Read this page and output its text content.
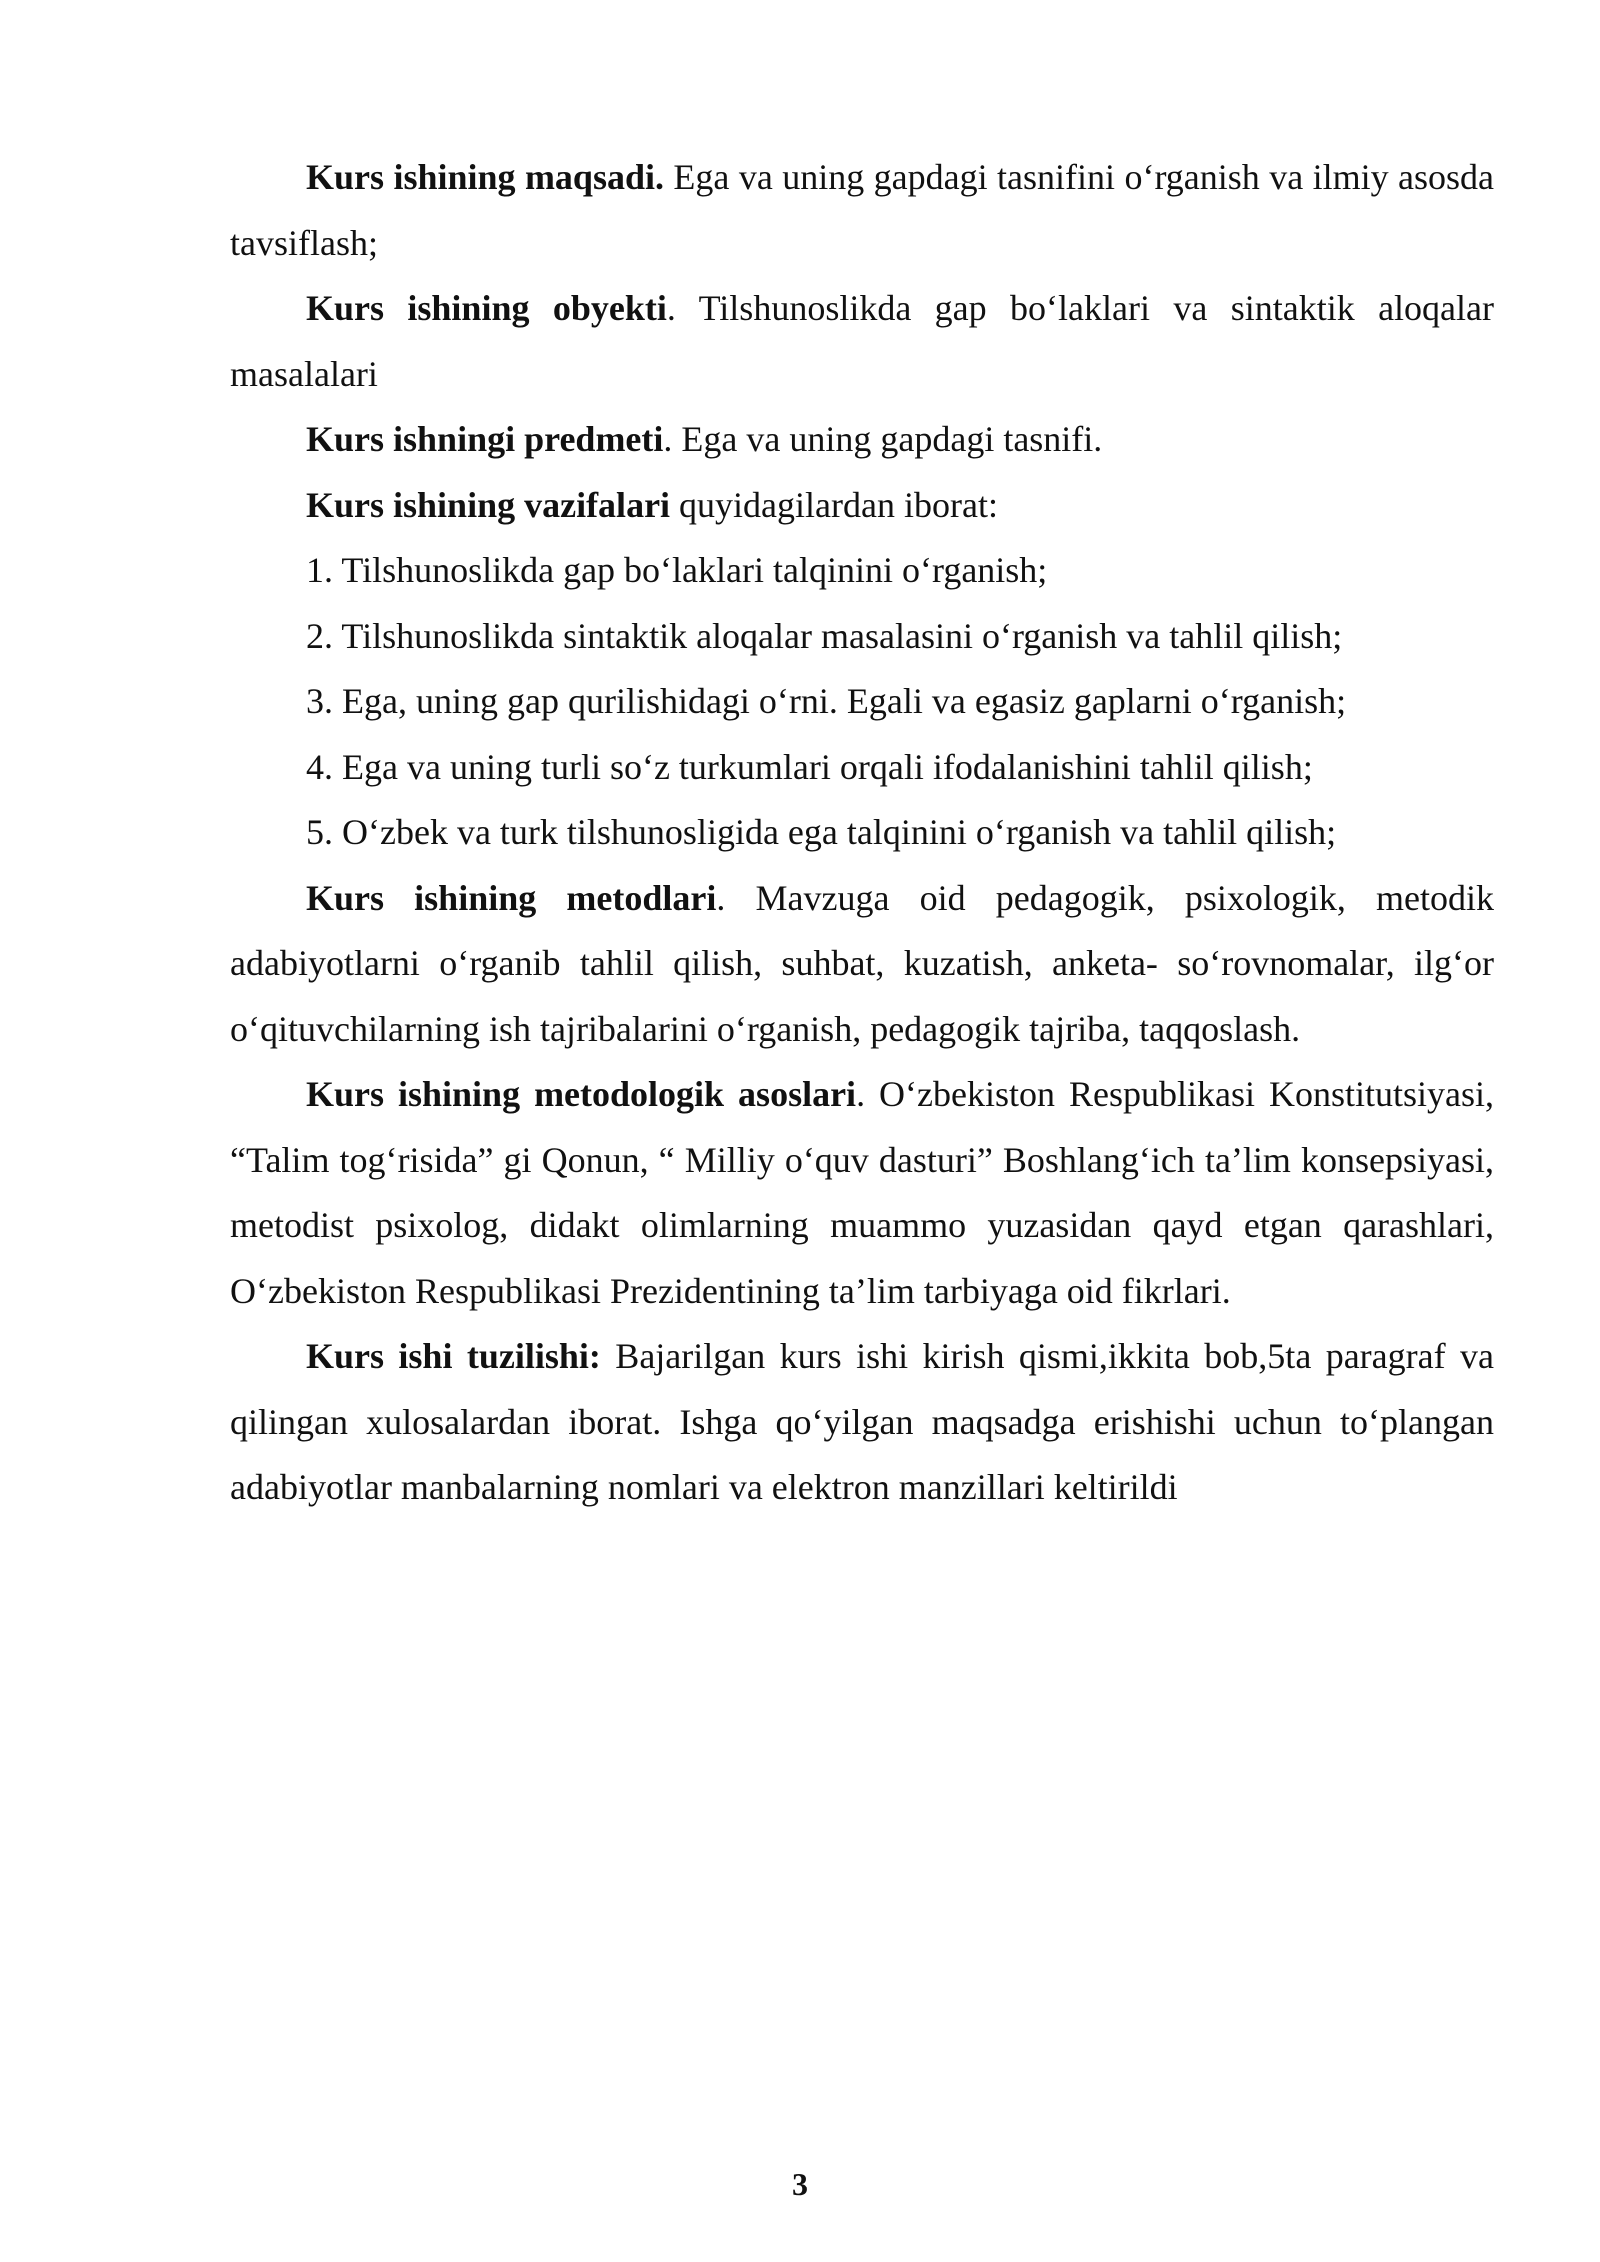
Kurs ishining maqsadi. Ega va uning gapdagi tasnifini o‘rganish va ilmiy asosda tavsiflash;

Kurs ishining obyekti. Tilshunoslikda gap bo‘laklari va sintaktik aloqalar masalalari

Kurs ishningi predmeti. Ega va uning gapdagi tasnifi.

Kurs ishining vazifalari quyidagilardan iborat:

1. Tilshunoslikda gap bo‘laklari talqinini o‘rganish;

2. Tilshunoslikda sintaktik aloqalar masalasini o‘rganish va tahlil qilish;

3. Ega, uning gap qurilishidagi o‘rni. Egali va egasiz gaplarni o‘rganish;

4. Ega va uning turli so‘z turkumlari orqali ifodalanishini tahlil qilish;

5. O‘zbek va turk tilshunosligida ega talqinini o‘rganish va tahlil qilish;

Kurs ishining metodlari. Mavzuga oid pedagogik, psixologik, metodik adabiyotlarni o‘rganib tahlil qilish, suhbat, kuzatish, anketa- so‘rovnomalar, ilg‘or o‘qituvchilarning ish tajribalarini o‘rganish, pedagogik tajriba, taqqoslash.

Kurs ishining metodologik asoslari. O‘zbekiston Respublikasi Konstitutsiyasi, “Talim tog‘risida” gi Qonun, “ Milliy o‘quv dasturi” Boshlang‘ich ta’lim konsepsiyasi, metodist psixolog, didakt olimlarning muammo yuzasidan qayd etgan qarashlari, O‘zbekiston Respublikasi Prezidentining ta’lim tarbiyaga oid fikrlari.

Kurs ishi tuzilishi: Bajarilgan kurs ishi kirish qismi,ikkita bob,5ta paragraf va qilingan xulosalardan iborat. Ishga qo‘yilgan maqsadga erishishi uchun to‘plangan adabiyotlar manbalarning nomlari va elektron manzillari keltirildi

3
